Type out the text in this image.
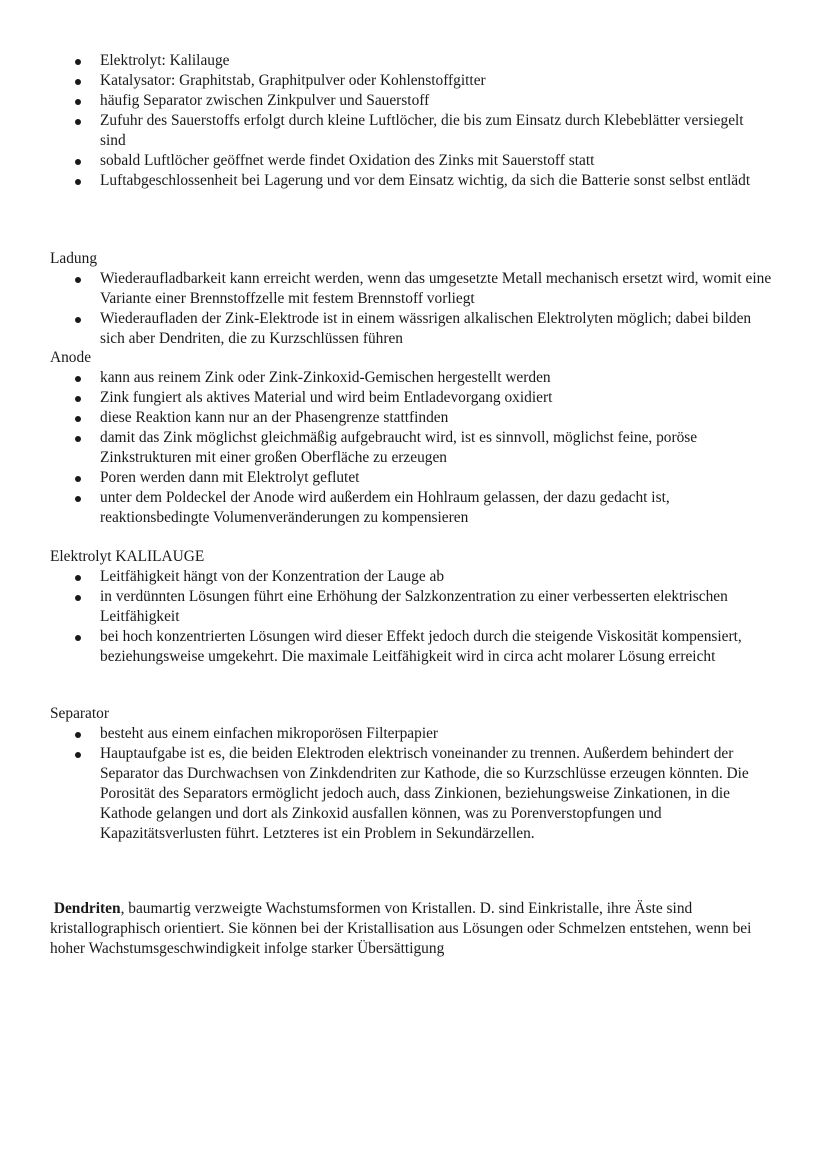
Elektrolyt: Kalilauge
Katalysator: Graphitstab, Graphitpulver oder Kohlenstoffgitter
häufig Separator zwischen Zinkpulver und Sauerstoff
Zufuhr des Sauerstoffs erfolgt durch kleine Luftlöcher, die bis zum Einsatz durch Klebeblätter versiegelt sind
sobald Luftlöcher geöffnet werde findet Oxidation des Zinks mit Sauerstoff statt
Luftabgeschlossenheit bei Lagerung und vor dem Einsatz wichtig, da sich die Batterie sonst selbst entlädt
Ladung
Wiederaufladbarkeit kann erreicht werden, wenn das umgesetzte Metall mechanisch ersetzt wird, womit eine Variante einer Brennstoffzelle mit festem Brennstoff vorliegt
Wiederaufladen der Zink-Elektrode ist in einem wässrigen alkalischen Elektrolyten möglich; dabei bilden sich aber Dendriten, die zu Kurzschlüssen führen
Anode
kann aus reinem Zink oder Zink-Zinkoxid-Gemischen hergestellt werden
Zink fungiert als aktives Material und wird beim Entladevorgang oxidiert
diese Reaktion kann nur an der Phasengrenze stattfinden
damit das Zink möglichst gleichmäßig aufgebraucht wird, ist es sinnvoll, möglichst feine, poröse Zinkstrukturen mit einer großen Oberfläche zu erzeugen
Poren werden dann mit Elektrolyt geflutet
unter dem Poldeckel der Anode wird außerdem ein Hohlraum gelassen, der dazu gedacht ist, reaktionsbedingte Volumenveränderungen zu kompensieren
Elektrolyt KALILAUGE
Leitfähigkeit hängt von der Konzentration der Lauge ab
in verdünnten Lösungen führt eine Erhöhung der Salzkonzentration zu einer verbesserten elektrischen Leitfähigkeit
bei hoch konzentrierten Lösungen wird dieser Effekt jedoch durch die steigende Viskosität kompensiert, beziehungsweise umgekehrt. Die maximale Leitfähigkeit wird in circa acht molarer Lösung erreicht
Separator
besteht aus einem einfachen mikroporösen Filterpapier
Hauptaufgabe ist es, die beiden Elektroden elektrisch voneinander zu trennen. Außerdem behindert der Separator das Durchwachsen von Zinkdendriten zur Kathode, die so Kurzschlüsse erzeugen könnten. Die Porosität des Separators ermöglicht jedoch auch, dass Zinkionen, beziehungsweise Zinkationen, in die Kathode gelangen und dort als Zinkoxid ausfallen können, was zu Porenverstopfungen und Kapazitätsverlusten führt. Letzteres ist ein Problem in Sekundärzellen.

Dendriten, baumartig verzweigte Wachstumsformen von Kristallen. D. sind Einkristalle, ihre Äste sind kristallographisch orientiert. Sie können bei der Kristallisation aus Lösungen oder Schmelzen entstehen, wenn bei hoher Wachstumsgeschwindigkeit infolge starker Übersättigung
